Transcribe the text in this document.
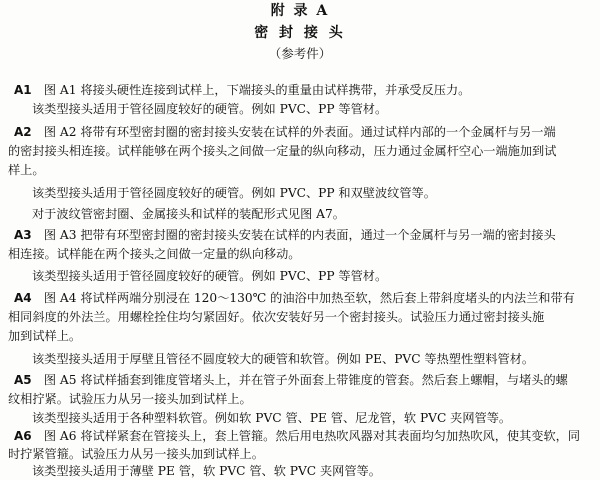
附 录 A
密 封 接 头
（参考件）
A1 图 A1 将接头硬性连接到试样上，下端接头的重量由试样携带，并承受反压力。
该类型接头适用于管径圆度较好的硬管。例如 PVC、PP 等管材。
A2 图 A2 将带有环型密封圈的密封接头安装在试样的外表面。通过试样内部的一个金属杆与另一端
的密封接头相连接。试样能够在两个接头之间做一定量的纵向移动，压力通过金属杆空心一端施加到试
样上。
该类型接头适用于管径圆度较好的硬管。例如 PVC、PP 和双壁波纹管等。
对于波纹管密封圈、金属接头和试样的装配形式见图 A7。
A3 图 A3 把带有环型密封圈的密封接头安装在试样的内表面，通过一个金属杆与另一端的密封接头
相连接。试样能在两个接头之间做一定量的纵向移动。
该类型接头适用于管径圆度较好的硬管。例如 PVC、PP 等管材。
A4 图 A4 将试样两端分别浸在 120～130℃ 的油浴中加热至软，然后套上带斜度堵头的内法兰和带有
相同斜度的外法兰。用螺栓拴住均匀紧固好。依次安装好另一个密封接头。试验压力通过密封接头施
加到试样上。
该类型接头适用于厚壁且管径不圆度较大的硬管和软管。例如 PE、PVC 等热塑性塑料管材。
A5 图 A5 将试样插套到锥度管堵头上，并在管子外面套上带锥度的管套。然后套上螺帽，与堵头的螺
纹相拧紧。试验压力从另一接头加到试样上。
该类型接头适用于各种塑料软管。例如软 PVC 管、PE 管、尼龙管，软 PVC 夹网管等。
A6 图 A6 将试样紧套在管接头上，套上管箍。然后用电热吹风器对其表面均匀加热吹风，使其变软，同
时拧紧管箍。试验压力从另一接头加到试样上。
该类型接头适用于薄壁 PE 管，软 PVC 管、软 PVC 夹网管等。
